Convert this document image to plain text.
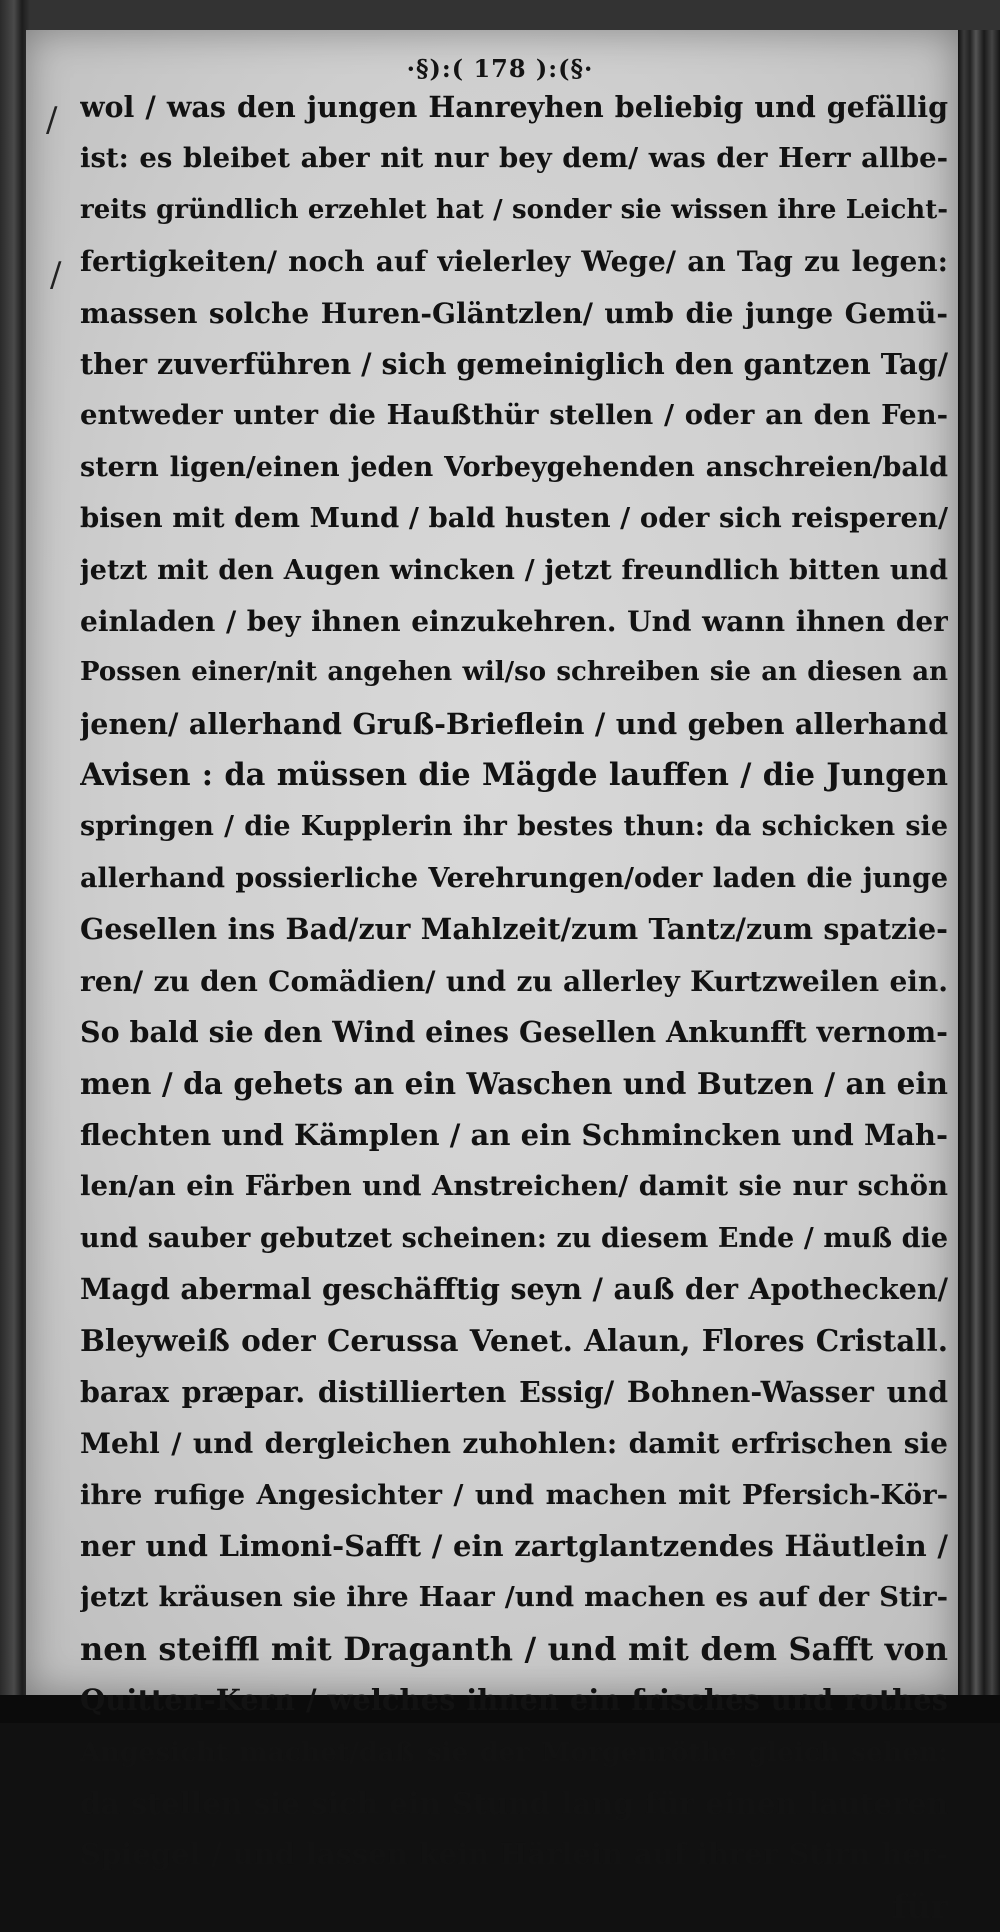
·§):( 178 ):(§·
/
/
wol / was den jungen Hanreyhen beliebig und gefällig
ist: es bleibet aber nit nur bey dem/ was der Herr allbe-
reits gründlich erzehlet hat / sonder sie wissen ihre Leicht-
fertigkeiten/ noch auf vielerley Wege/ an Tag zu legen:
massen solche Huren-Gläntzlen/ umb die junge Gemü-
ther zuverführen / sich gemeiniglich den gantzen Tag/
entweder unter die Haußthür stellen / oder an den Fen-
stern ligen/einen jeden Vorbeygehenden anschreien/bald
bisen mit dem Mund / bald husten / oder sich reisperen/
jetzt mit den Augen wincken / jetzt freundlich bitten und
einladen / bey ihnen einzukehren. Und wann ihnen der
Possen einer/nit angehen wil/so schreiben sie an diesen an
jenen/ allerhand Gruß-Brieflein / und geben allerhand
Avisen : da müssen die Mägde lauffen / die Jungen
springen / die Kupplerin ihr bestes thun: da schicken sie
allerhand possierliche Verehrungen/oder laden die junge
Gesellen ins Bad/zur Mahlzeit/zum Tantz/zum spatzie-
ren/ zu den Comädien/ und zu allerley Kurtzweilen ein.
So bald sie den Wind eines Gesellen Ankunfft vernom-
men / da gehets an ein Waschen und Butzen / an ein
flechten und Kämplen / an ein Schmincken und Mah-
len/an ein Färben und Anstreichen/ damit sie nur schön
und sauber gebutzet scheinen: zu diesem Ende / muß die
Magd abermal geschäfftig seyn / auß der Apothecken/
Bleyweiß oder Cerussa Venet. Alaun, Flores Cristall.
barax præpar. distillierten Essig/ Bohnen-Wasser und
Mehl / und dergleichen zuhohlen: damit erfrischen sie
ihre rufige Angesichter / und machen mit Pfersich-Kör-
ner und Limoni-Safft / ein zartglantzendes Häutlein /
jetzt kräusen sie ihre Haar /und machen es auf der Stir-
nen steiffl mit Draganth / und mit dem Safft von
Quitten-Kern / welches ihnen ein frisches und rothes
Angesicht machet/daß sie der Morgenröthe gleich sehen:
da stellen sie sich ein Stund lang für einen lauteren
Spiegel / und lassen kein Härlein auf ihrer Stirn her-
für
